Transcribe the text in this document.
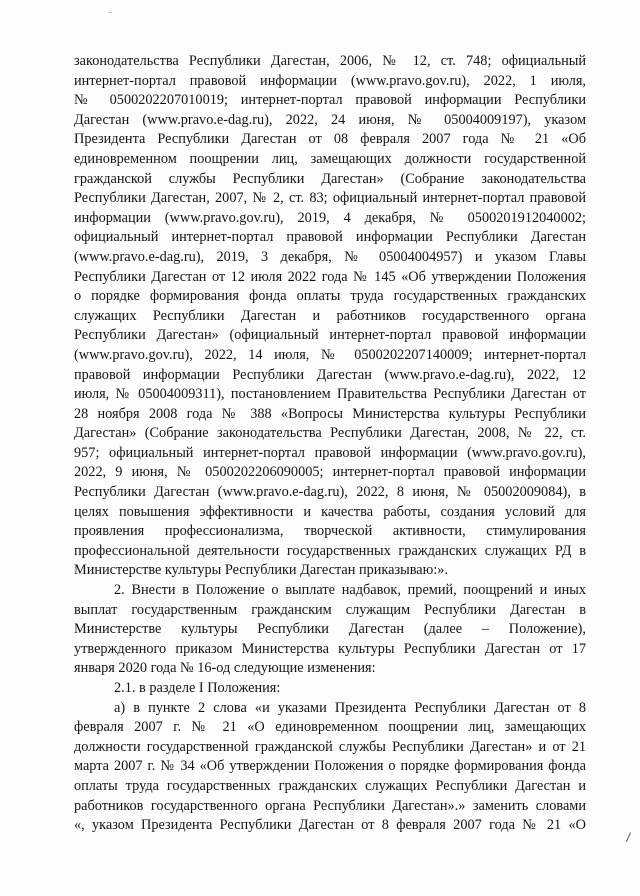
законодательства Республики Дагестан, 2006, № 12, ст. 748; официальный
интернет-портал правовой информации (www.pravo.gov.ru), 2022, 1 июля,
№ 0500202207010019; интернет-портал правовой информации Республики
Дагестан (www.pravo.e-dag.ru), 2022, 24 июня, № 05004009197), указом
Президента Республики Дагестан от 08 февраля 2007 года № 21 «Об
единовременном поощрении лиц, замещающих должности государственной
гражданской службы Республики Дагестан» (Собрание законодательства
Республики Дагестан, 2007, № 2, ст. 83; официальный интернет-портал правовой
информации (www.pravo.gov.ru), 2019, 4 декабря, № 0500201912040002;
официальный интернет-портал правовой информации Республики Дагестан
(www.pravo.e-dag.ru), 2019, 3 декабря, № 05004004957) и указом Главы
Республики Дагестан от 12 июля 2022 года № 145 «Об утверждении Положения
о порядке формирования фонда оплаты труда государственных гражданских
служащих Республики Дагестан и работников государственного органа
Республики Дагестан» (официальный интернет-портал правовой информации
(www.pravo.gov.ru), 2022, 14 июля, № 0500202207140009; интернет-портал
правовой информации Республики Дагестан (www.pravo.e-dag.ru), 2022, 12
июля, № 05004009311), постановлением Правительства Республики Дагестан от
28 ноября 2008 года № 388 «Вопросы Министерства культуры Республики
Дагестан» (Собрание законодательства Республики Дагестан, 2008, № 22, ст.
957; официальный интернет-портал правовой информации (www.pravo.gov.ru),
2022, 9 июня, № 0500202206090005; интернет-портал правовой информации
Республики Дагестан (www.pravo.e-dag.ru), 2022, 8 июня, № 05002009084), в
целях повышения эффективности и качества работы, создания условий для
проявления профессионализма, творческой активности, стимулирования
профессиональной деятельности государственных гражданских служащих РД в
Министерстве культуры Республики Дагестан приказываю:».
2. Внести в Положение о выплате надбавок, премий, поощрений и иных
выплат государственным гражданским служащим Республики Дагестан в
Министерстве культуры Республики Дагестан (далее – Положение),
утвержденного приказом Министерства культуры Республики Дагестан от 17
января 2020 года № 16-од следующие изменения:
2.1. в разделе I Положения:
а) в пункте 2 слова «и указами Президента Республики Дагестан от 8
февраля 2007 г. № 21 «О единовременном поощрении лиц, замещающих
должности государственной гражданской службы Республики Дагестан» и от 21
марта 2007 г. № 34 «Об утверждении Положения о порядке формирования фонда
оплаты труда государственных гражданских служащих Республики Дагестан и
работников государственного органа Республики Дагестан».» заменить словами
«, указом Президента Республики Дагестан от 8 февраля 2007 года № 21 «О
